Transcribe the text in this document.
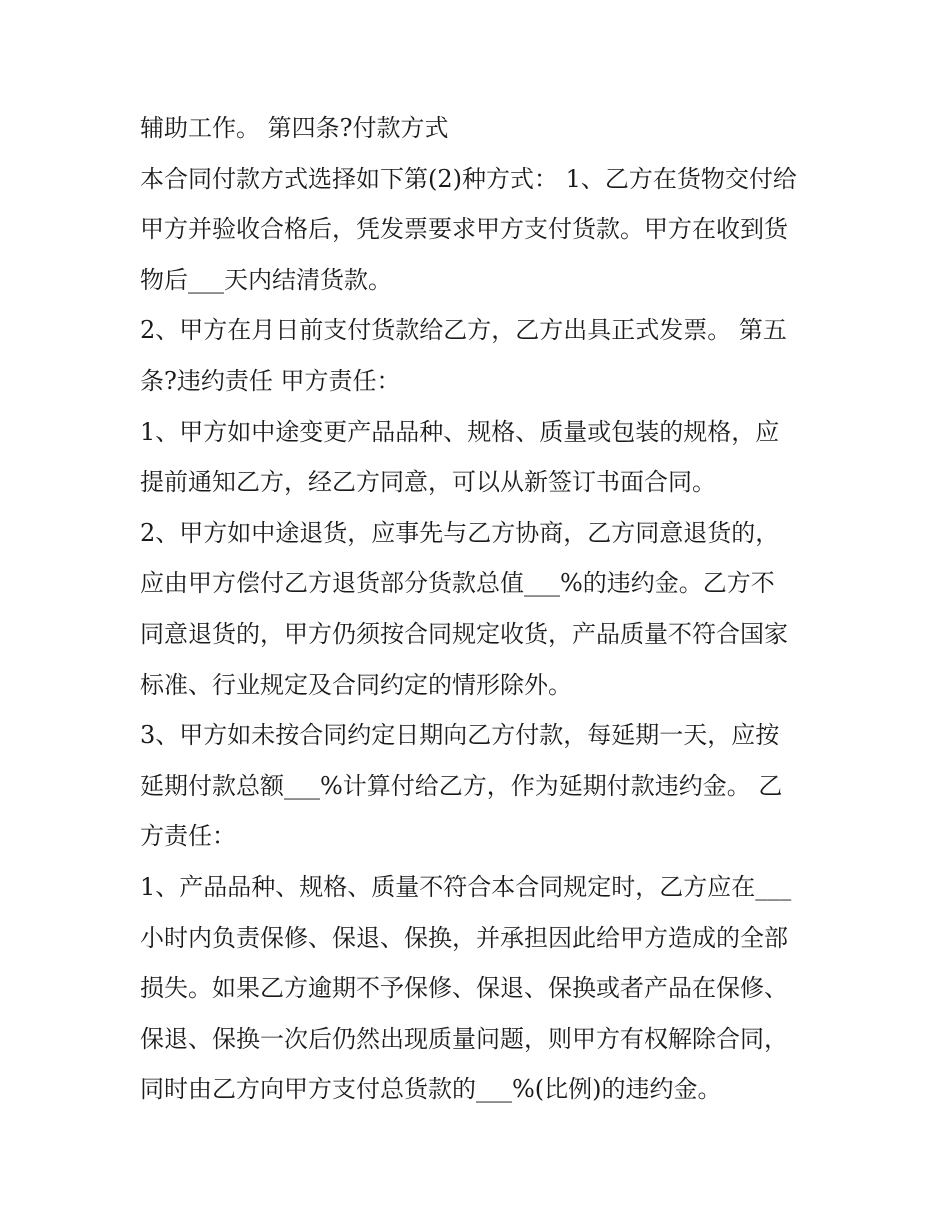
辅助工作。 第四条?付款方式
本合同付款方式选择如下第(2)种方式： 1、乙方在货物交付给
甲方并验收合格后，凭发票要求甲方支付货款。甲方在收到货
物后___天内结清货款。
2、甲方在月日前支付货款给乙方，乙方出具正式发票。 第五
条?违约责任 甲方责任：
1、甲方如中途变更产品品种、规格、质量或包装的规格，应
提前通知乙方，经乙方同意，可以从新签订书面合同。
2、甲方如中途退货，应事先与乙方协商，乙方同意退货的，
应由甲方偿付乙方退货部分货款总值___%的违约金。乙方不
同意退货的，甲方仍须按合同规定收货，产品质量不符合国家
标准、行业规定及合同约定的情形除外。
3、甲方如未按合同约定日期向乙方付款，每延期一天，应按
延期付款总额___%计算付给乙方，作为延期付款违约金。 乙
方责任：
1、产品品种、规格、质量不符合本合同规定时，乙方应在___
小时内负责保修、保退、保换，并承担因此给甲方造成的全部
损失。如果乙方逾期不予保修、保退、保换或者产品在保修、
保退、保换一次后仍然出现质量问题，则甲方有权解除合同，
同时由乙方向甲方支付总货款的___%(比例)的违约金。
